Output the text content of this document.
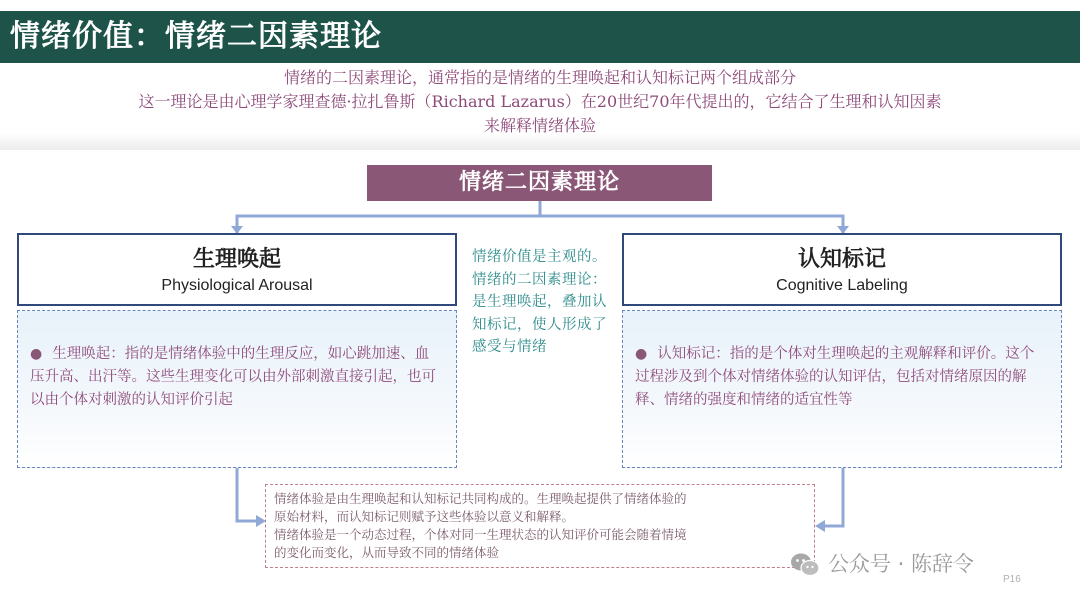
情绪价值：情绪二因素理论
情绪的二因素理论，通常指的是情绪的生理唤起和认知标记两个组成部分
这一理论是由心理学家理查德·拉扎鲁斯（Richard Lazarus）在20世纪70年代提出的，它结合了生理和认知因素
来解释情绪体验
情绪二因素理论
生理唤起
Physiological Arousal
● 生理唤起：指的是情绪体验中的生理反应，如心跳加速、血压升高、出汗等。这些生理变化可以由外部刺激直接引起，也可以由个体对刺激的认知评价引起
情绪价值是主观的。情绪的二因素理论：是生理唤起，叠加认知标记，使人形成了感受与情绪
认知标记
Cognitive Labeling
● 认知标记：指的是个体对生理唤起的主观解释和评价。这个过程涉及到个体对情绪体验的认知评估，包括对情绪原因的解释、情绪的强度和情绪的适宜性等
情绪体验是由生理唤起和认知标记共同构成的。生理唤起提供了情绪体验的
原始材料，而认知标记则赋予这些体验以意义和解释。
情绪体验是一个动态过程，个体对同一生理状态的认知评价可能会随着情境
的变化而变化，从而导致不同的情绪体验	公众号 · 陈辞令
P16
